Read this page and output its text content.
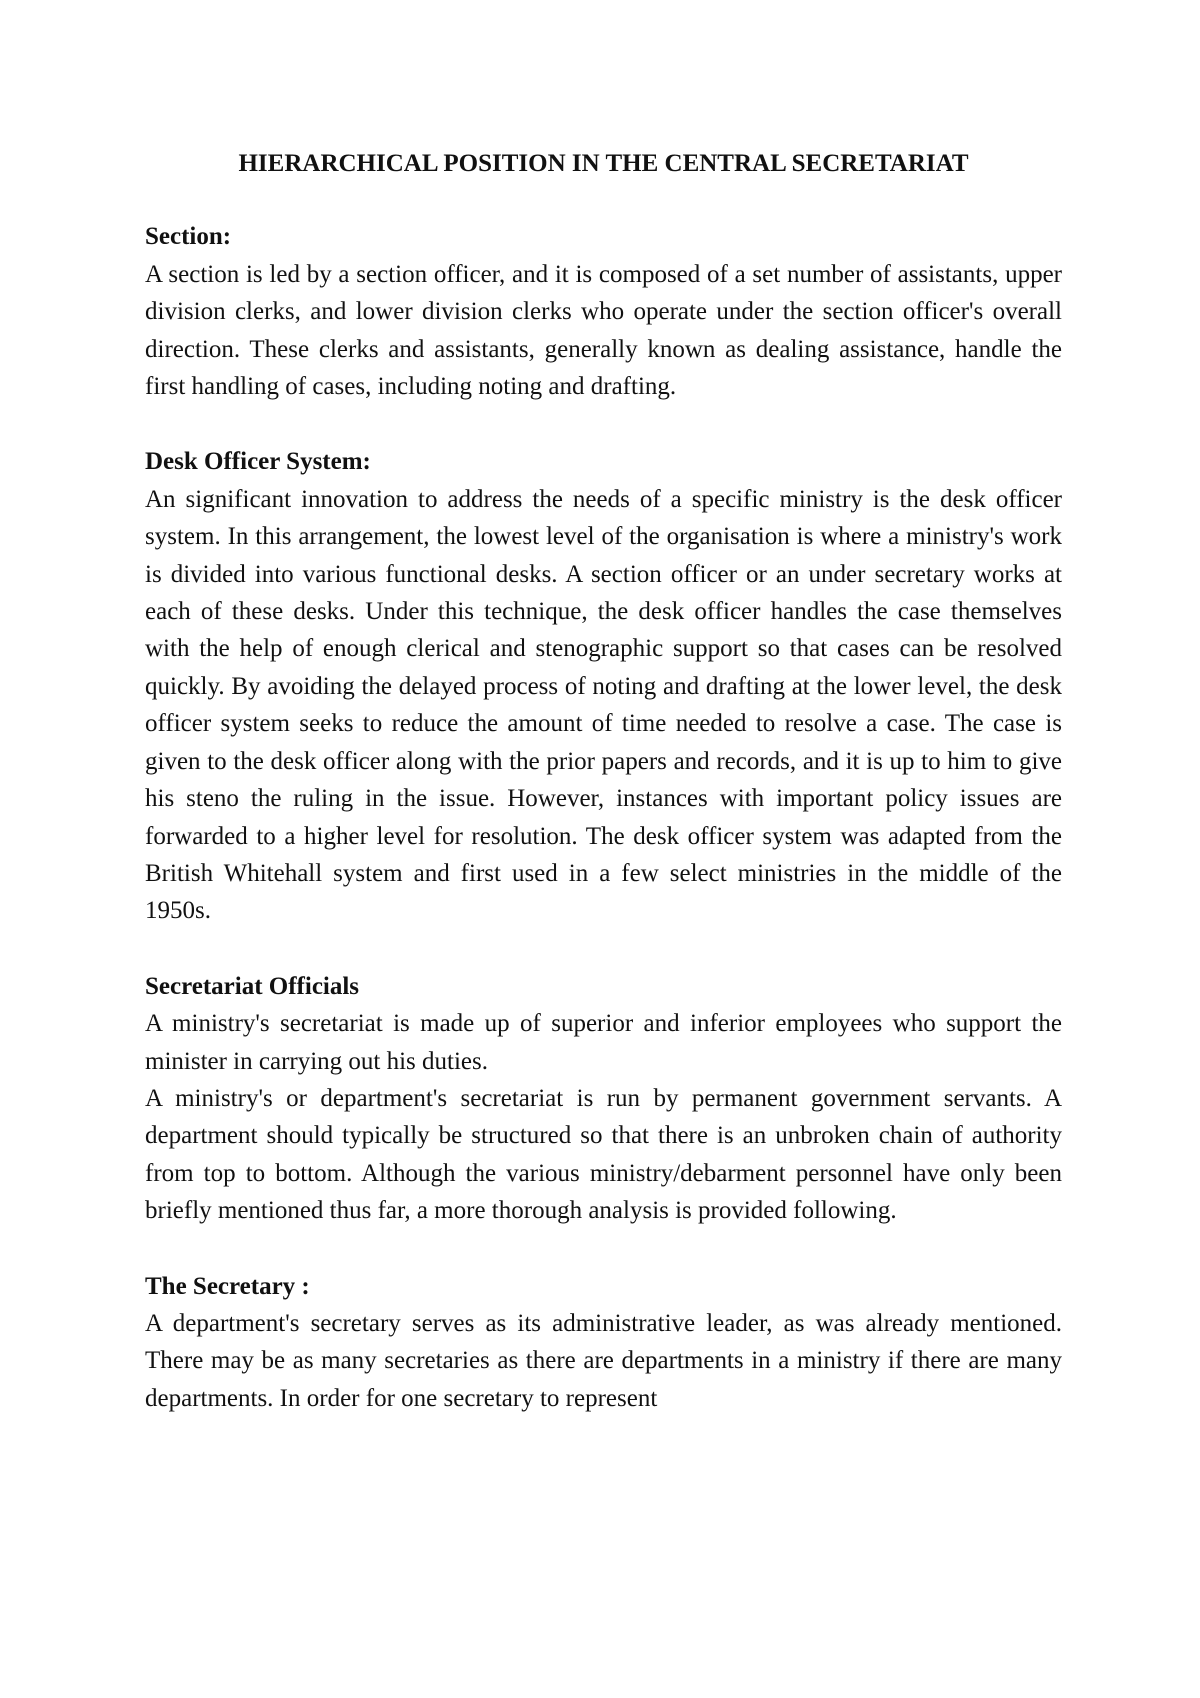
HIERARCHICAL POSITION IN THE CENTRAL SECRETARIAT

Section:

A section is led by a section officer, and it is composed of a set number of assistants, upper division clerks, and lower division clerks who operate under the section officer's overall direction. These clerks and assistants, generally known as dealing assistance, handle the first handling of cases, including noting and drafting.

Desk Officer System:

An significant innovation to address the needs of a specific ministry is the desk officer system. In this arrangement, the lowest level of the organisation is where a ministry's work is divided into various functional desks. A section officer or an under secretary works at each of these desks. Under this technique, the desk officer handles the case themselves with the help of enough clerical and stenographic support so that cases can be resolved quickly. By avoiding the delayed process of noting and drafting at the lower level, the desk officer system seeks to reduce the amount of time needed to resolve a case. The case is given to the desk officer along with the prior papers and records, and it is up to him to give his steno the ruling in the issue. However, instances with important policy issues are forwarded to a higher level for resolution. The desk officer system was adapted from the British Whitehall system and first used in a few select ministries in the middle of the 1950s.

Secretariat Officials

A ministry's secretariat is made up of superior and inferior employees who support the minister in carrying out his duties.

A ministry's or department's secretariat is run by permanent government servants. A department should typically be structured so that there is an unbroken chain of authority from top to bottom. Although the various ministry/debarment personnel have only been briefly mentioned thus far, a more thorough analysis is provided following.

The Secretary :

A department's secretary serves as its administrative leader, as was already mentioned. There may be as many secretaries as there are departments in a ministry if there are many departments. In order for one secretary to represent
